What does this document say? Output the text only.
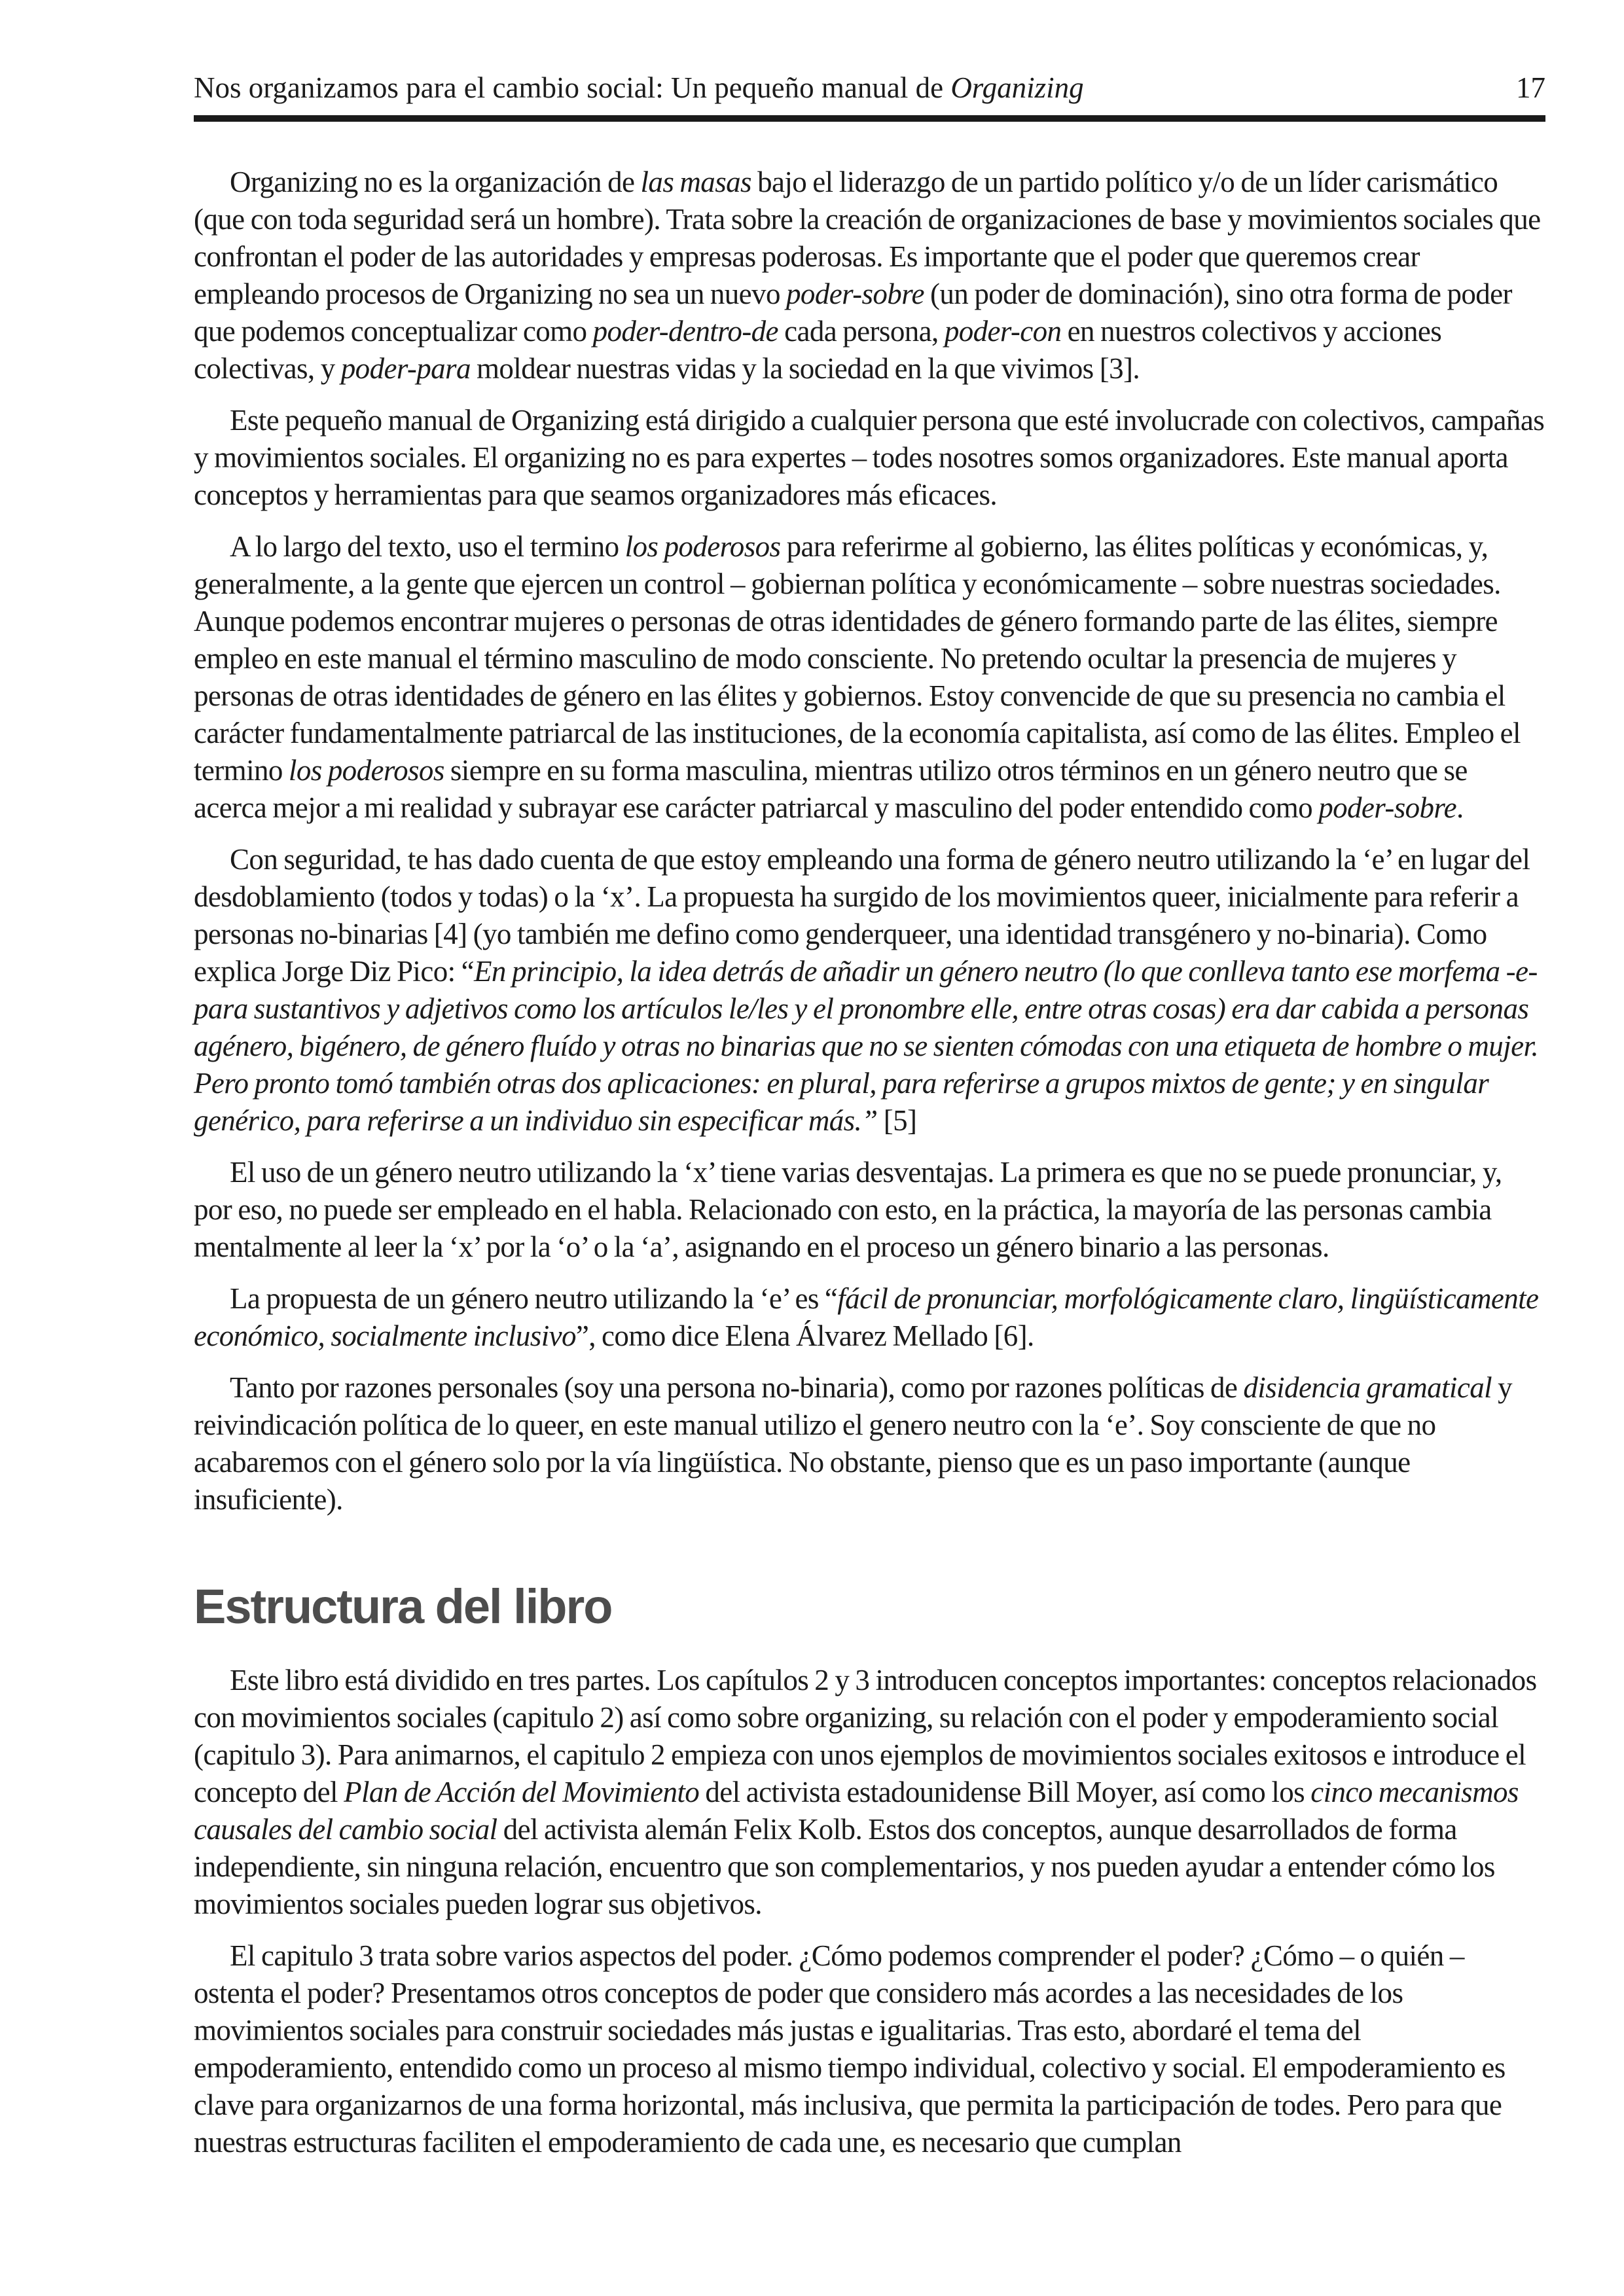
Nos organizamos para el cambio social: Un pequeño manual de Organizing	17

Organizing no es la organización de las masas bajo el liderazgo de un partido político y/o de un líder carismático (que con toda seguridad será un hombre). Trata sobre la creación de organizaciones de base y movimientos sociales que confrontan el poder de las autoridades y empresas poderosas. Es importante que el poder que queremos crear empleando procesos de Organizing no sea un nuevo poder-sobre (un poder de dominación), sino otra forma de poder que podemos conceptualizar como poder-dentro-de cada persona, poder-con en nuestros colectivos y acciones colectivas, y poder-para moldear nuestras vidas y la sociedad en la que vivimos [3].

Este pequeño manual de Organizing está dirigido a cualquier persona que esté involucrade con colectivos, campañas y movimientos sociales. El organizing no es para expertes – todes nosotres somos organizadores. Este manual aporta conceptos y herramientas para que seamos organizadores más eficaces.

A lo largo del texto, uso el termino los poderosos para referirme al gobierno, las élites políticas y económicas, y, generalmente, a la gente que ejercen un control – gobiernan política y económicamente – sobre nuestras sociedades. Aunque podemos encontrar mujeres o personas de otras identidades de género formando parte de las élites, siempre empleo en este manual el término masculino de modo consciente. No pretendo ocultar la presencia de mujeres y personas de otras identidades de género en las élites y gobiernos. Estoy convencide de que su presencia no cambia el carácter fundamentalmente patriarcal de las instituciones, de la economía capitalista, así como de las élites. Empleo el termino los poderosos siempre en su forma masculina, mientras utilizo otros términos en un género neutro que se acerca mejor a mi realidad y subrayar ese carácter patriarcal y masculino del poder entendido como poder-sobre.

Con seguridad, te has dado cuenta de que estoy empleando una forma de género neutro utilizando la ‘e’ en lugar del desdoblamiento (todos y todas) o la ‘x’. La propuesta ha surgido de los movimientos queer, inicialmente para referir a personas no-binarias [4] (yo también me defino como genderqueer, una identidad transgénero y no-binaria). Como explica Jorge Diz Pico: “En principio, la idea detrás de añadir un género neutro (lo que conlleva tanto ese morfema -e- para sustantivos y adjetivos como los artículos le/les y el pronombre elle, entre otras cosas) era dar cabida a personas agénero, bigénero, de género fluído y otras no binarias que no se sienten cómodas con una etiqueta de hombre o mujer. Pero pronto tomó también otras dos aplicaciones: en plural, para referirse a grupos mixtos de gente; y en singular genérico, para referirse a un individuo sin especificar más.” [5]

El uso de un género neutro utilizando la ‘x’ tiene varias desventajas. La primera es que no se puede pronunciar, y, por eso, no puede ser empleado en el habla. Relacionado con esto, en la práctica, la mayoría de las personas cambia mentalmente al leer la ‘x’ por la ‘o’ o la ‘a’, asignando en el proceso un género binario a las personas.

La propuesta de un género neutro utilizando la ‘e’ es “fácil de pronunciar, morfológicamente claro, lingüísticamente económico, socialmente inclusivo”, como dice Elena Álvarez Mellado [6].

Tanto por razones personales (soy una persona no-binaria), como por razones políticas de disidencia gramatical y reivindicación política de lo queer, en este manual utilizo el genero neutro con la ‘e’. Soy consciente de que no acabaremos con el género solo por la vía lingüística. No obstante, pienso que es un paso importante (aunque insuficiente).

Estructura del libro

Este libro está dividido en tres partes. Los capítulos 2 y 3 introducen conceptos importantes: conceptos relacionados con movimientos sociales (capitulo 2) así como sobre organizing, su relación con el poder y empoderamiento social (capitulo 3). Para animarnos, el capitulo 2 empieza con unos ejemplos de movimientos sociales exitosos e introduce el concepto del Plan de Acción del Movimiento del activista estadounidense Bill Moyer, así como los cinco mecanismos causales del cambio social del activista alemán Felix Kolb. Estos dos conceptos, aunque desarrollados de forma independiente, sin ninguna relación, encuentro que son complementarios, y nos pueden ayudar a entender cómo los movimientos sociales pueden lograr sus objetivos.

El capitulo 3 trata sobre varios aspectos del poder. ¿Cómo podemos comprender el poder? ¿Cómo – o quién – ostenta el poder? Presentamos otros conceptos de poder que considero más acordes a las necesidades de los movimientos sociales para construir sociedades más justas e igualitarias. Tras esto, abordaré el tema del empoderamiento, entendido como un proceso al mismo tiempo individual, colectivo y social. El empoderamiento es clave para organizarnos de una forma horizontal, más inclusiva, que permita la participación de todes. Pero para que nuestras estructuras faciliten el empoderamiento de cada une, es necesario que cumplan
